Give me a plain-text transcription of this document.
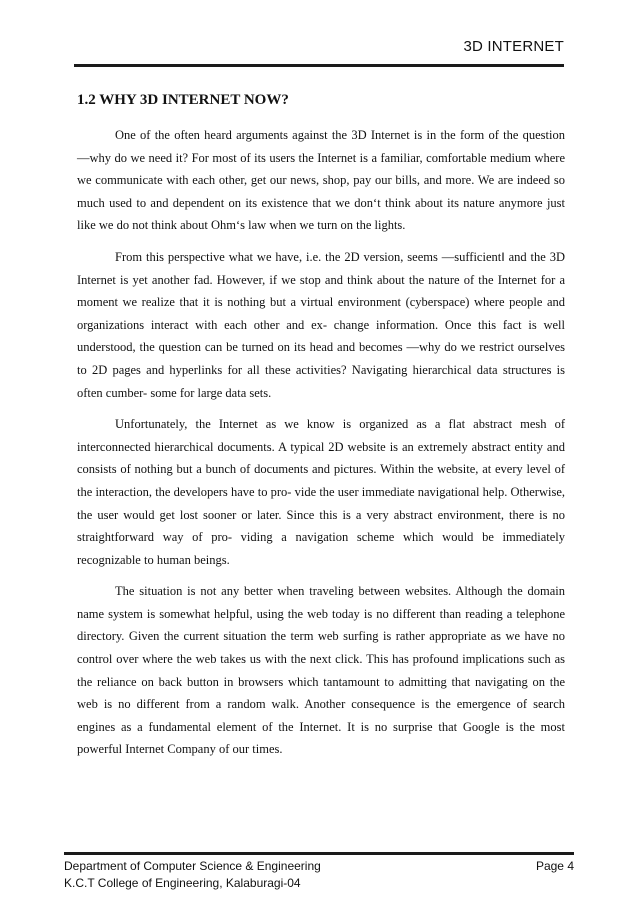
3D INTERNET
1.2 WHY 3D INTERNET NOW?

One of the often heard arguments against the 3D Internet is in the form of the question ―why do we need it? For most of its users the Internet is a familiar, comfortable medium where we communicate with each other, get our news, shop, pay our bills, and more. We are indeed so much used to and dependent on its existence that we don‘t think about its nature anymore just like we do not think about Ohm‘s law when we turn on the lights.

From this perspective what we have, i.e. the 2D version, seems ―sufficient‖ and the 3D Internet is yet another fad. However, if we stop and think about the nature of the Internet for a moment we realize that it is nothing but a virtual environment (cyberspace) where people and organizations interact with each other and ex- change information. Once this fact is well understood, the question can be turned on its head and becomes ―why do we restrict ourselves to 2D pages and hyperlinks for all these activities? Navigating hierarchical data structures is often cumber- some for large data sets.

Unfortunately, the Internet as we know is organized as a flat abstract mesh of interconnected hierarchical documents. A typical 2D website is an extremely abstract entity and consists of nothing but a bunch of documents and pictures. Within the website, at every level of the interaction, the developers have to pro- vide the user immediate navigational help. Otherwise, the user would get lost sooner or later. Since this is a very abstract environment, there is no straightforward way of pro- viding a navigation scheme which would be immediately recognizable to human beings.

The situation is not any better when traveling between websites. Although the domain name system is somewhat helpful, using the web today is no different than reading a telephone directory. Given the current situation the term web surfing is rather appropriate as we have no control over where the web takes us with the next click. This has profound implications such as the reliance on back button in browsers which tantamount to admitting that navigating on the web is no different from a random walk. Another consequence is the emergence of search engines as a fundamental element of the Internet. It is no surprise that Google is the most powerful Internet Company of our times.

Department of Computer Science & Engineering	Page 4
K.C.T College of Engineering, Kalaburagi-04
